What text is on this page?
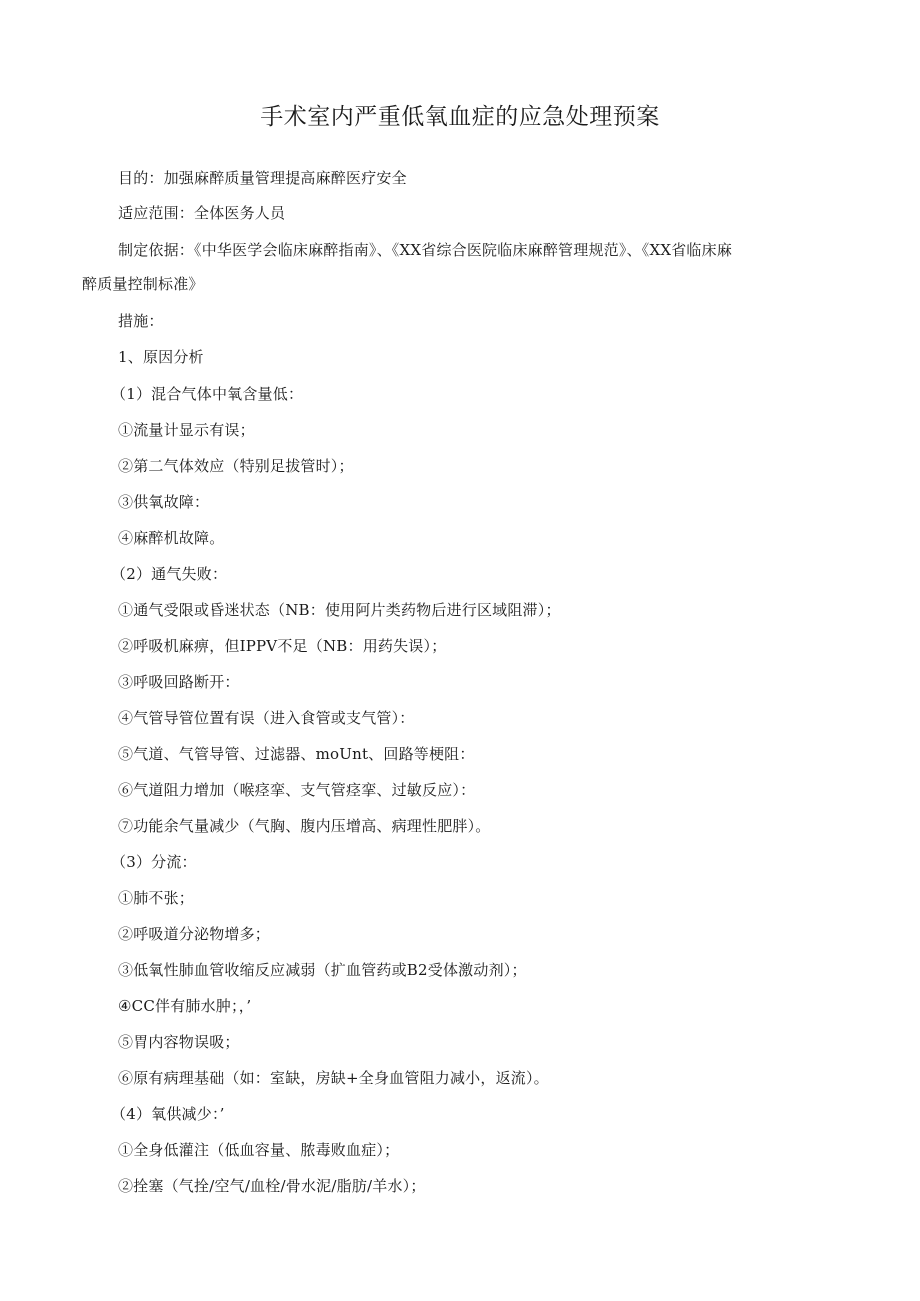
手术室内严重低氧血症的应急处理预案
目的：加强麻醉质量管理提高麻醉医疗安全
适应范围：全体医务人员
制定依据：《中华医学会临床麻醉指南》、《XX省综合医院临床麻醉管理规范》、《XX省临床麻
醉质量控制标准》
措施：
1、原因分析
（1）混合气体中氧含量低：
①流量计显示有误；
②第二气体效应（特别足拔管时）；
③供氧故障：
④麻醉机故障。
（2）通气失败：
①通气受限或昏迷状态（NB：使用阿片类药物后进行区域阻滞）；
②呼吸机麻痹，但IPPV不足（NB：用药失误）；
③呼吸回路断开：
④气管导管位置有误（进入食管或支气管）：
⑤气道、气管导管、过滤器、moUnt、回路等梗阻：
⑥气道阻力增加（喉痉挛、支气管痉挛、过敏反应）：
⑦功能余气量减少（气胸、腹内压增高、病理性肥胖）。
（3）分流：
①肺不张；
②呼吸道分泌物增多；
③低氧性肺血管收缩反应减弱（扩血管药或B2受体激动剂）；
④CC伴有肺水肿；，’
⑤胃内容物误吸；
⑥原有病理基础（如：室缺，房缺+全身血管阻力减小，返流）。
（4）氧供减少：’
①全身低灌注（低血容量、脓毒败血症）；
②拴塞（气拴/空气/血栓/骨水泥/脂肪/羊水）；
